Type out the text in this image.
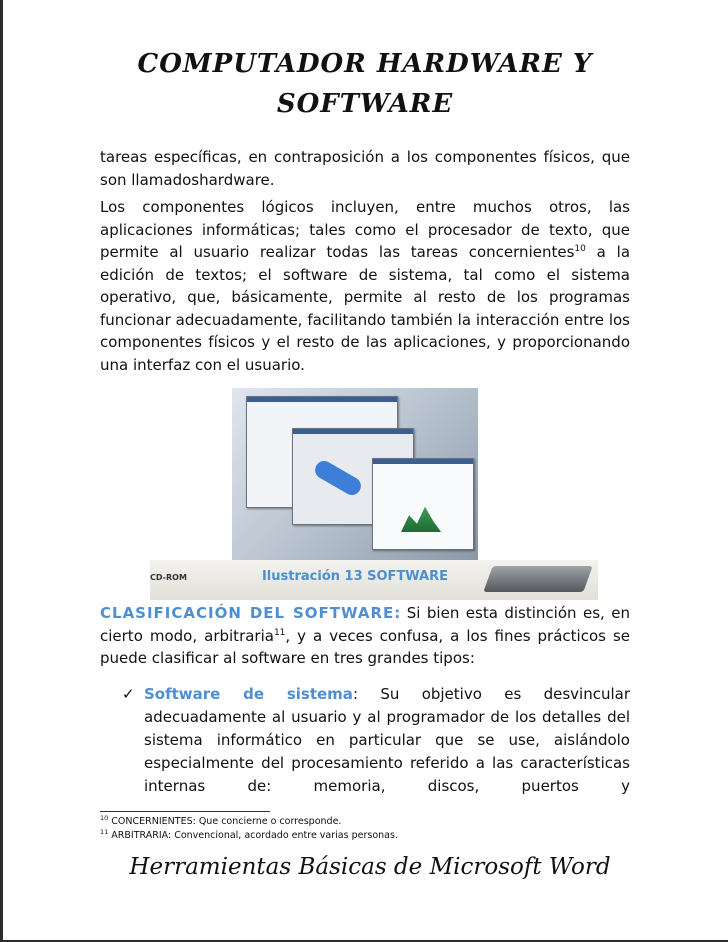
COMPUTADOR HARDWARE Y
SOFTWARE
tareas específicas, en contraposición a los componentes físicos, que son llamadoshardware.
Los componentes lógicos incluyen, entre muchos otros, las aplicaciones informáticas; tales como el procesador de texto, que permite al usuario realizar todas las tareas concernientes$^{10}$ a la edición de textos; el software de sistema, tal como el sistema operativo, que, básicamente, permite al resto de los programas funcionar adecuadamente, facilitando también la interacción entre los componentes físicos y el resto de las aplicaciones, y proporcionando una interfaz con el usuario.
CD-ROM	Ilustración 13 SOFTWARE
CLASIFICACIÓN DEL SOFTWARE: Si bien esta distinción es, en cierto modo, arbitraria$^{11}$, y a veces confusa, a los fines prácticos se puede clasificar al software en tres grandes tipos:
✓ Software de sistema: Su objetivo es desvincular adecuadamente al usuario y al programador de los detalles del sistema informático en particular que se use, aislándolo especialmente del procesamiento referido a las características internas de: memoria, discos, puertos y
$^{10}$ CONCERNIENTES: Que concierne o corresponde.
$^{11}$ ARBITRARIA: Convencional, acordado entre varias personas.
Herramientas Básicas de Microsoft Word
